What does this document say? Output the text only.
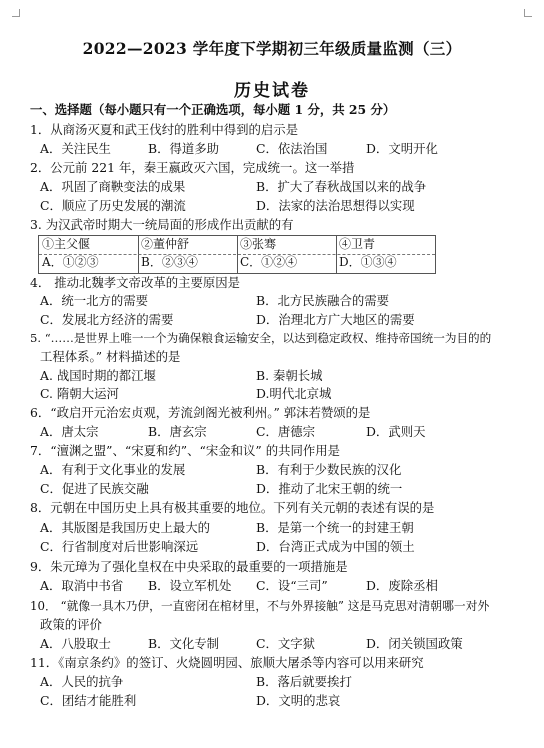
2022—2023 学年度下学期初三年级质量监测（三）
历史试卷
一、选择题（每小题只有一个正确选项，每小题 1 分，共 25 分）
1．从商汤灭夏和武王伐纣的胜利中得到的启示是
A．关注民生	B．得道多助	C．依法治国	D．文明开化
2．公元前 221 年，秦王嬴政灭六国，完成统一。这一举措
A．巩固了商鞅变法的成果	B．扩大了春秋战国以来的战争
C．顺应了历史发展的潮流	D．法家的法治思想得以实现
3. 为汉武帝时期大一统局面的形成作出贡献的有
①主父偃	②董仲舒	③张骞	④卫青
A．①②③	B．②③④	C．①②④	D．①③④
4． 推动北魏孝文帝改革的主要原因是
A．统一北方的需要	B．北方民族融合的需要
C．发展北方经济的需要	D．治理北方广大地区的需要
5. “……是世界上唯一一个为确保粮食运输安全，以达到稳定政权、维持帝国统一为目的的
工程体系。” 材料描述的是
A. 战国时期的都江堰	B. 秦朝长城
C. 隋朝大运河	D.明代北京城
6．“政启开元治宏贞观，芳流剑阁光被利州。” 郭沫若赞颂的是
A．唐太宗	B．唐玄宗	C．唐德宗	D．武则天
7．“澶渊之盟”、“宋夏和约”、“宋金和议” 的共同作用是
A．有利于文化事业的发展	B．有利于少数民族的汉化
C．促进了民族交融	D．推动了北宋王朝的统一
8．元朝在中国历史上具有极其重要的地位。下列有关元朝的表述有误的是
A．其版图是我国历史上最大的	B．是第一个统一的封建王朝
C．行省制度对后世影响深远	D．台湾正式成为中国的领土
9．朱元璋为了强化皇权在中央采取的最重要的一项措施是
A．取消中书省 B．设立军机处 C．设“三司”	D．废除丞相
10． “就像一具木乃伊，一直密闭在棺材里，不与外界接触” 这是马克思对清朝哪一对外
政策的评价
A．八股取士	B．文化专制	C．文字狱	D．闭关锁国政策
11．《南京条约》的签订、火烧圆明园、旅顺大屠杀等内容可以用来研究
A．人民的抗争	B．落后就要挨打
C．团结才能胜利	D．文明的悲哀
